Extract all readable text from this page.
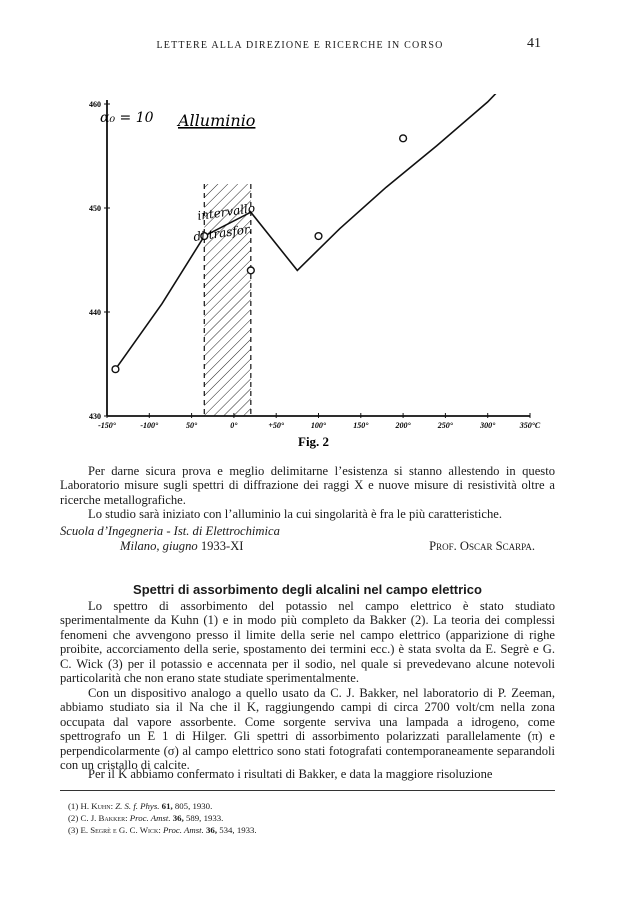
LETTERE ALLA DIREZIONE E RICERCHE IN CORSO	41
460
450
440
430
-150°	-100°	50°	0°	+50°	100°	150°	200°	250°	300°	350°C
intervallo
di trasfor.
α₀ = 10 Alluminio
Fig. 2
Per darne sicura prova e meglio delimitarne l’esistenza si stanno allestendo in questo Laboratorio misure sugli spettri di diffrazione dei raggi X e nuove misure di resistività oltre a ricerche metallografiche.
Lo studio sarà iniziato con l’alluminio la cui singolarità è fra le più caratteristiche.
Scuola d’Ingegneria - Ist. di Elettrochimica
Milano, giugno 1933-XI	Prof. Oscar Scarpa.
Spettri di assorbimento degli alcalini nel campo elettrico
Lo spettro di assorbimento del potassio nel campo elettrico è stato studiato sperimentalmente da Kuhn (1) e in modo più completo da Bakker (2). La teoria dei complessi fenomeni che avvengono presso il limite della serie nel campo elettrico (apparizione di righe proibite, accorciamento della serie, spostamento dei termini ecc.) è stata svolta da E. Segrè e G. C. Wick (3) per il potassio e accennata per il sodio, nel quale si prevedevano alcune notevoli particolarità che non erano state studiate sperimentalmente.
Con un dispositivo analogo a quello usato da C. J. Bakker, nel laboratorio di P. Zeeman, abbiamo studiato sia il Na che il K, raggiungendo campi di circa 2700 volt/cm nella zona occupata dal vapore assorbente. Come sorgente serviva una lampada a idrogeno, come spettrografo un E 1 di Hilger. Gli spettri di assorbimento polarizzati parallelamente (π) e perpendicolarmente (σ) al campo elettrico sono stati fotografati contemporaneamente separandoli con un cristallo di calcite.
Per il K abbiamo confermato i risultati di Bakker, e data la maggiore risoluzione
(1) H. Kuhn: Z. S. f. Phys. 61, 805, 1930.
(2) C. J. Bakker: Proc. Amst. 36, 589, 1933.
(3) E. Segrè e G. C. Wick: Proc. Amst. 36, 534, 1933.
